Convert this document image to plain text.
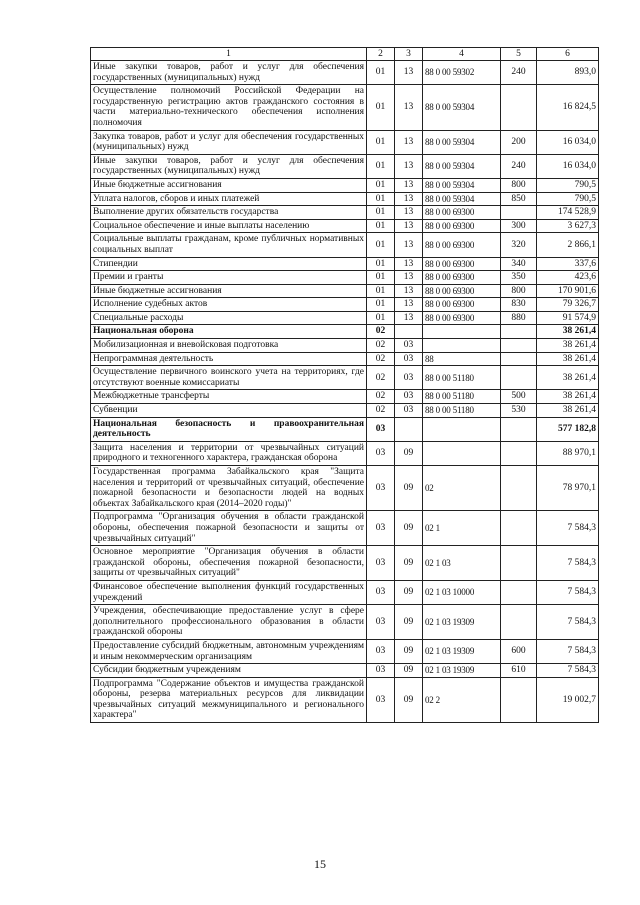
1	2	3	4	5	6
Иные закупки товаров, работ и услуг для обеспечения государственных (муниципальных) нужд	01	13	88 0 00 59302	240	893,0
Осуществление полномочий Российской Федерации на государственную регистрацию актов гражданского состояния в части материально-технического обеспечения исполнения полномочия	01	13	88 0 00 59304		16 824,5
Закупка товаров, работ и услуг для обеспечения государственных (муниципальных) нужд	01	13	88 0 00 59304	200	16 034,0
Иные закупки товаров, работ и услуг для обеспечения государственных (муниципальных) нужд	01	13	88 0 00 59304	240	16 034,0
Иные бюджетные ассигнования	01	13	88 0 00 59304	800	790,5
Уплата налогов, сборов и иных платежей	01	13	88 0 00 59304	850	790,5
Выполнение других обязательств государства	01	13	88 0 00 69300		174 528,9
Социальное обеспечение и иные выплаты населению	01	13	88 0 00 69300	300	3 627,3
Социальные выплаты гражданам, кроме публичных нормативных социальных выплат	01	13	88 0 00 69300	320	2 866,1
Стипендии	01	13	88 0 00 69300	340	337,6
Премии и гранты	01	13	88 0 00 69300	350	423,6
Иные бюджетные ассигнования	01	13	88 0 00 69300	800	170 901,6
Исполнение судебных актов	01	13	88 0 00 69300	830	79 326,7
Специальные расходы	01	13	88 0 00 69300	880	91 574,9
Национальная оборона	02				38 261,4
Мобилизационная и вневойсковая подготовка	02	03			38 261,4
Непрограммная деятельность	02	03	88		38 261,4
Осуществление первичного воинского учета на территориях, где отсутствуют военные комиссариаты	02	03	88 0 00 51180		38 261,4
Межбюджетные трансферты	02	03	88 0 00 51180	500	38 261,4
Субвенции	02	03	88 0 00 51180	530	38 261,4
Национальная безопасность и правоохранительная деятельность	03				577 182,8
Защита населения и территории от чрезвычайных ситуаций природного и техногенного характера, гражданская оборона	03	09			88 970,1
Государственная программа Забайкальского края "Защита населения и территорий от чрезвычайных ситуаций, обеспечение пожарной безопасности и безопасности людей на водных объектах Забайкальского края (2014–2020 годы)"	03	09	02		78 970,1
Подпрограмма "Организация обучения в области гражданской обороны, обеспечения пожарной безопасности и защиты от чрезвычайных ситуаций"	03	09	02 1		7 584,3
Основное мероприятие "Организация обучения в области гражданской обороны, обеспечения пожарной безопасности, защиты от чрезвычайных ситуаций"	03	09	02 1 03		7 584,3
Финансовое обеспечение выполнения функций государственных учреждений	03	09	02 1 03 10000		7 584,3
Учреждения, обеспечивающие предоставление услуг в сфере дополнительного профессионального образования в области гражданской обороны	03	09	02 1 03 19309		7 584,3
Предоставление субсидий бюджетным, автономным учреждениям и иным некоммерческим организациям	03	09	02 1 03 19309	600	7 584,3
Субсидии бюджетным учреждениям	03	09	02 1 03 19309	610	7 584,3
Подпрограмма "Содержание объектов и имущества гражданской обороны, резерва материальных ресурсов для ликвидации чрезвычайных ситуаций межмуниципального и регионального характера"	03	09	02 2		19 002,7
15
